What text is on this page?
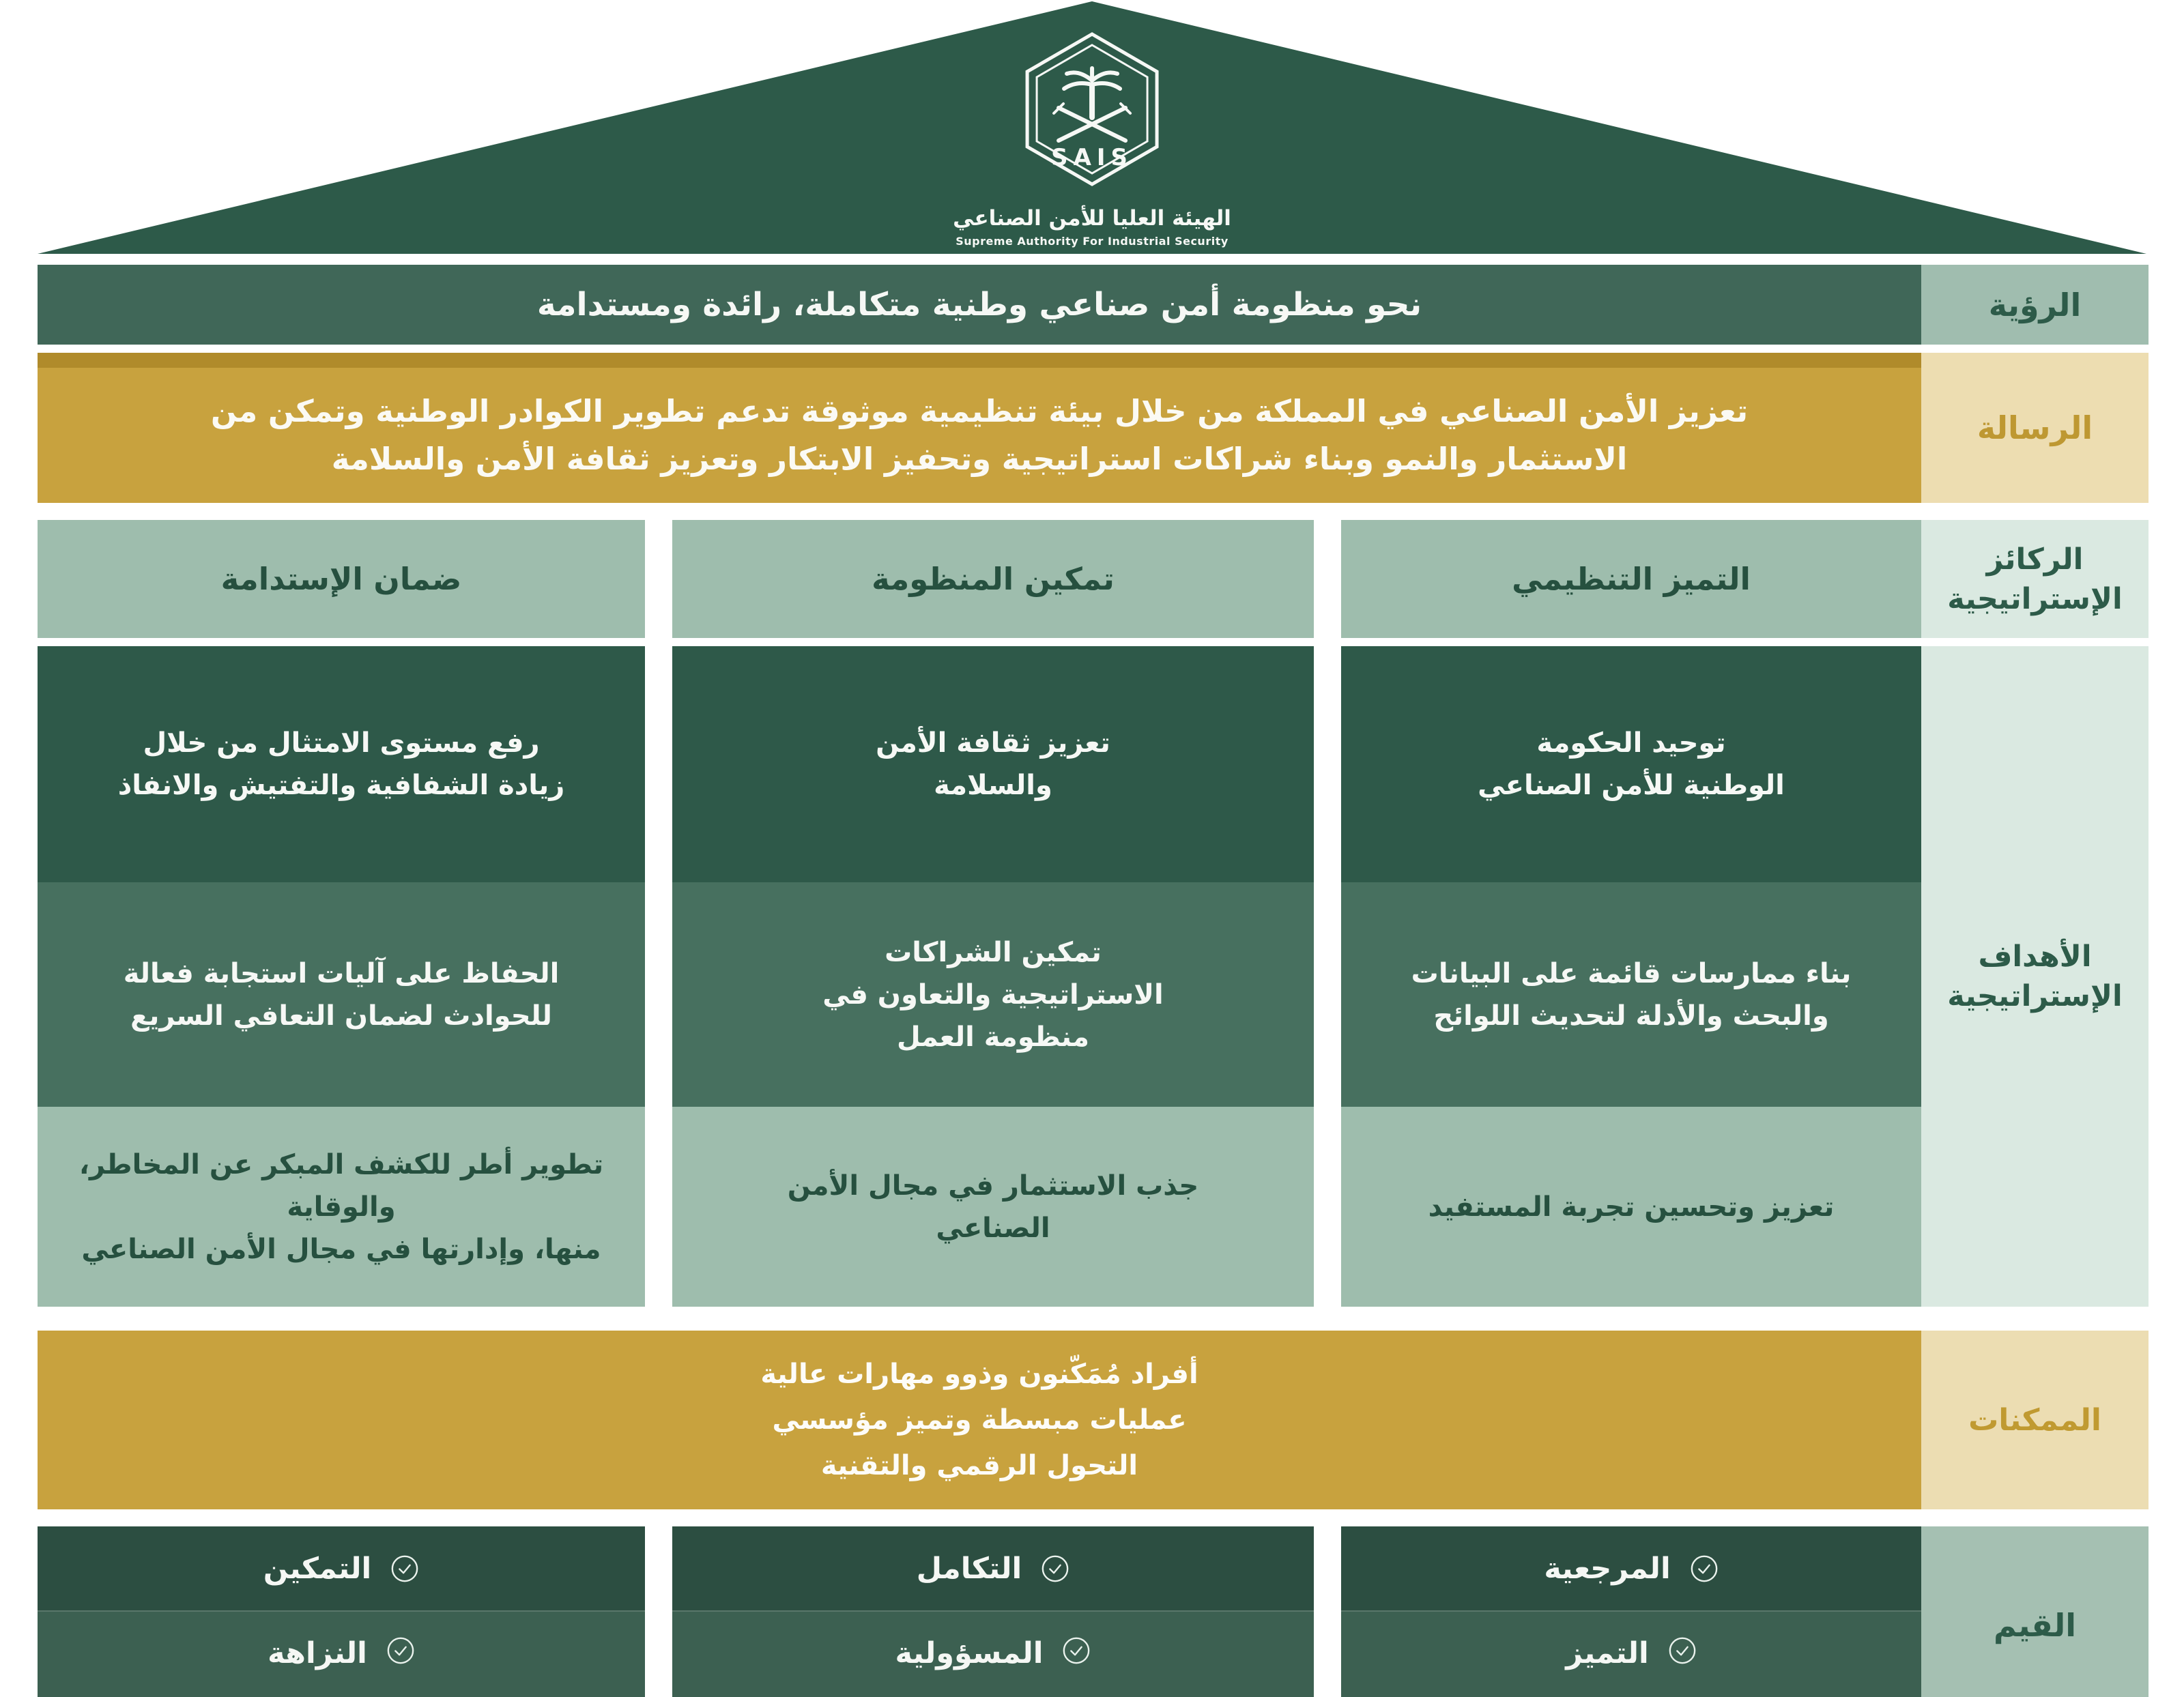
SAIS
الهيئة العليا للأمن الصناعي
Supreme Authority For Industrial Security
الرؤية
نحو منظومة أمن صناعي وطنية متكاملة، رائدة ومستدامة
تعزيز الأمن الصناعي في المملكة من خلال بيئة تنظيمية موثوقة تدعم تطوير الكوادر الوطنية وتمكن من
الاستثمار والنمو وبناء شراكات استراتيجية وتحفيز الابتكار وتعزيز ثقافة الأمن والسلامة
الرسالة
الركائز
الإستراتيجية
التميز التنظيمي
تمكين المنظومة
ضمان الإستدامة
الأهداف
الإستراتيجية
توحيد الحكومة
الوطنية للأمن الصناعي
بناء ممارسات قائمة على البيانات
والبحث والأدلة لتحديث اللوائح
تعزيز وتحسين تجربة المستفيد
تعزيز ثقافة الأمن
والسلامة
تمكين الشراكات
الاستراتيجية والتعاون في
منظومة العمل
جذب الاستثمار في مجال الأمن
الصناعي
رفع مستوى الامتثال من خلال
زيادة الشفافية والتفتيش والانفاذ
الحفاظ على آليات استجابة فعالة
للحوادث لضمان التعافي السريع
تطوير أطر للكشف المبكر عن المخاطر، والوقاية
منها، وإدارتها في مجال الأمن الصناعي
أفراد مُمَكّنون وذوو مهارات عالية
عمليات مبسطة وتميز مؤسسي
التحول الرقمي والتقنية
الممكنات
القيم
المرجعية
التميز
التكامل
المسؤولية
التمكين
النزاهة
